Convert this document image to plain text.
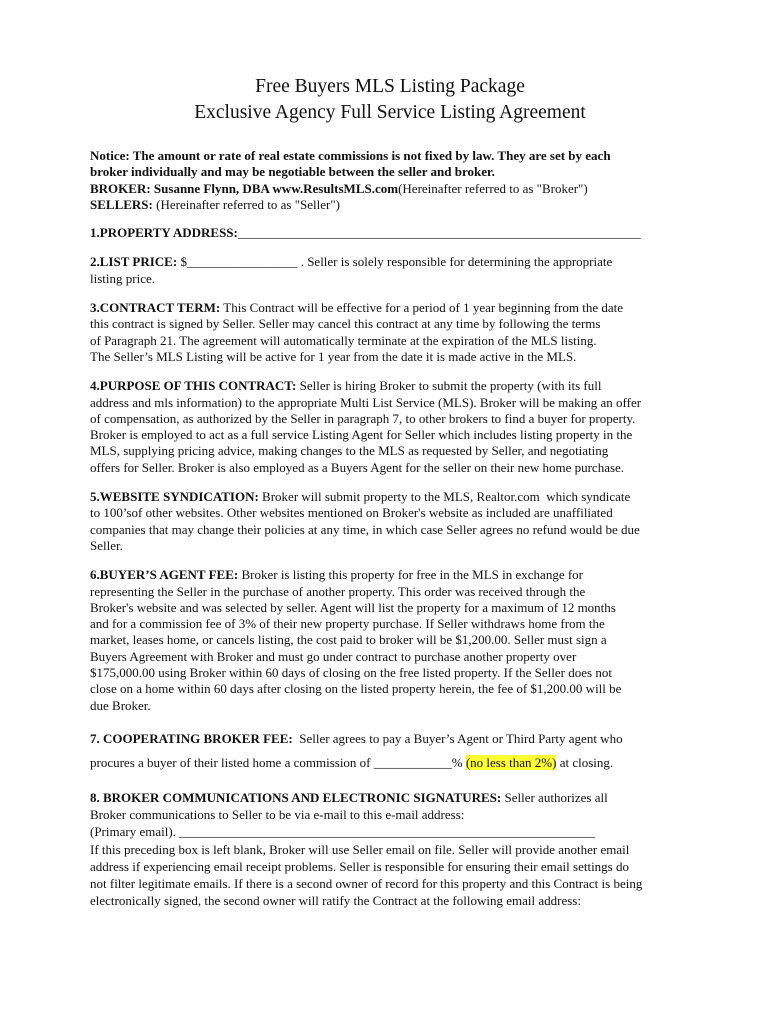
Free Buyers MLS Listing Package

Exclusive Agency Full Service Listing Agreement

Notice: The amount or rate of real estate commissions is not fixed by law. They are set by each

broker individually and may be negotiable between the seller and broker.

BROKER: Susanne Flynn, DBA www.ResultsMLS.com(Hereinafter referred to as "Broker")

SELLERS: (Hereinafter referred to as "Seller")

1.PROPERTY ADDRESS:______________________________________________________________

2.LIST PRICE: $_________________ . Seller is solely responsible for determining the appropriate

listing price.

3.CONTRACT TERM: This Contract will be effective for a period of 1 year beginning from the date

this contract is signed by Seller. Seller may cancel this contract at any time by following the terms

of Paragraph 21. The agreement will automatically terminate at the expiration of the MLS listing.

The Seller’s MLS Listing will be active for 1 year from the date it is made active in the MLS.

4.PURPOSE OF THIS CONTRACT: Seller is hiring Broker to submit the property (with its full

address and mls information) to the appropriate Multi List Service (MLS). Broker will be making an offer

of compensation, as authorized by the Seller in paragraph 7, to other brokers to find a buyer for property.

Broker is employed to act as a full service Listing Agent for Seller which includes listing property in the

MLS, supplying pricing advice, making changes to the MLS as requested by Seller, and negotiating

offers for Seller. Broker is also employed as a Buyers Agent for the seller on their new home purchase.

5.WEBSITE SYNDICATION: Broker will submit property to the MLS, Realtor.com  which syndicate

to 100’sof other websites. Other websites mentioned on Broker's website as included are unaffiliated

companies that may change their policies at any time, in which case Seller agrees no refund would be due

Seller.

6.BUYER’S AGENT FEE: Broker is listing this property for free in the MLS in exchange for

representing the Seller in the purchase of another property. This order was received through the

Broker's website and was selected by seller. Agent will list the property for a maximum of 12 months

and for a commission fee of 3% of their new property purchase. If Seller withdraws home from the

market, leases home, or cancels listing, the cost paid to broker will be $1,200.00. Seller must sign a

Buyers Agreement with Broker and must go under contract to purchase another property over

$175,000.00 using Broker within 60 days of closing on the free listed property. If the Seller does not

close on a home within 60 days after closing on the listed property herein, the fee of $1,200.00 will be

due Broker.

7. COOPERATING BROKER FEE:  Seller agrees to pay a Buyer’s Agent or Third Party agent who

procures a buyer of their listed home a commission of ____________% (no less than 2%) at closing.

8. BROKER COMMUNICATIONS AND ELECTRONIC SIGNATURES: Seller authorizes all

Broker communications to Seller to be via e-mail to this e-mail address:

(Primary email). ________________________________________________________________

If this preceding box is left blank, Broker will use Seller email on file. Seller will provide another email

address if experiencing email receipt problems. Seller is responsible for ensuring their email settings do

not filter legitimate emails. If there is a second owner of record for this property and this Contract is being

electronically signed, the second owner will ratify the Contract at the following email address:
